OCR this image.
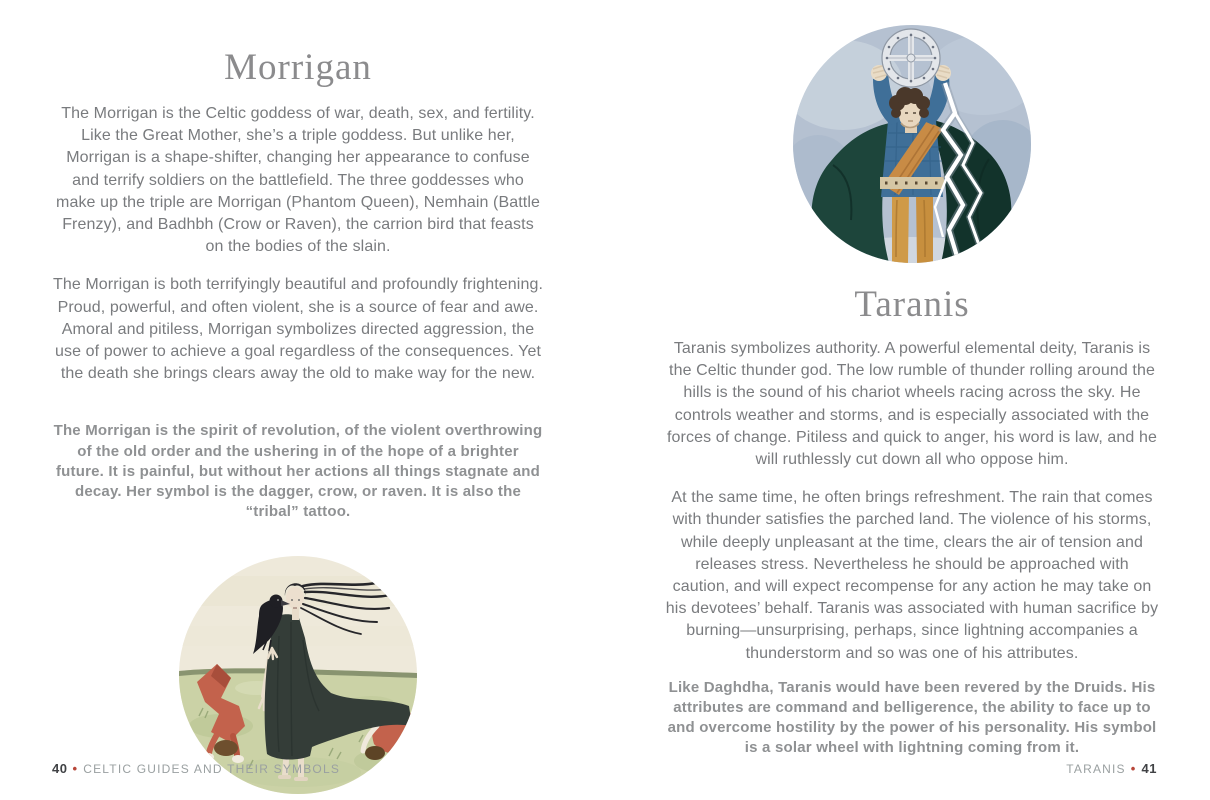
Morrigan

The Morrigan is the Celtic goddess of war, death, sex, and fertility. Like the Great Mother, she’s a triple goddess. But unlike her, Morrigan is a shape-shifter, changing her appearance to confuse and terrify soldiers on the battlefield. The three goddesses who make up the triple are Morrigan (Phantom Queen), Nemhain (Battle Frenzy), and Badhbh (Crow or Raven), the carrion bird that feasts on the bodies of the slain.

The Morrigan is both terrifyingly beautiful and profoundly frightening. Proud, powerful, and often violent, she is a source of fear and awe. Amoral and pitiless, Morrigan symbolizes directed aggression, the use of power to achieve a goal regardless of the consequences. Yet the death she brings clears away the old to make way for the new.

The Morrigan is the spirit of revolution, of the violent overthrowing of the old order and the ushering in of the hope of a brighter future. It is painful, but without her actions all things stagnate and decay. Her symbol is the dagger, crow, or raven. It is also the “tribal” tattoo.

Taranis

Taranis symbolizes authority. A powerful elemental deity, Taranis is the Celtic thunder god. The low rumble of thunder rolling around the hills is the sound of his chariot wheels racing across the sky. He controls weather and storms, and is especially associated with the forces of change. Pitiless and quick to anger, his word is law, and he will ruthlessly cut down all who oppose him.

At the same time, he often brings refreshment. The rain that comes with thunder satisfies the parched land. The violence of his storms, while deeply unpleasant at the time, clears the air of tension and releases stress. Nevertheless he should be approached with caution, and will expect recompense for any action he may take on his devotees’ behalf. Taranis was associated with human sacrifice by burning—unsurprising, perhaps, since lightning accompanies a thunderstorm and so was one of his attributes.

Like Daghdha, Taranis would have been revered by the Druids. His attributes are command and belligerence, the ability to face up to and overcome hostility by the power of his personality. His symbol is a solar wheel with lightning coming from it.

40 • CELTIC GUIDES AND THEIR SYMBOLS	TARANIS • 41
